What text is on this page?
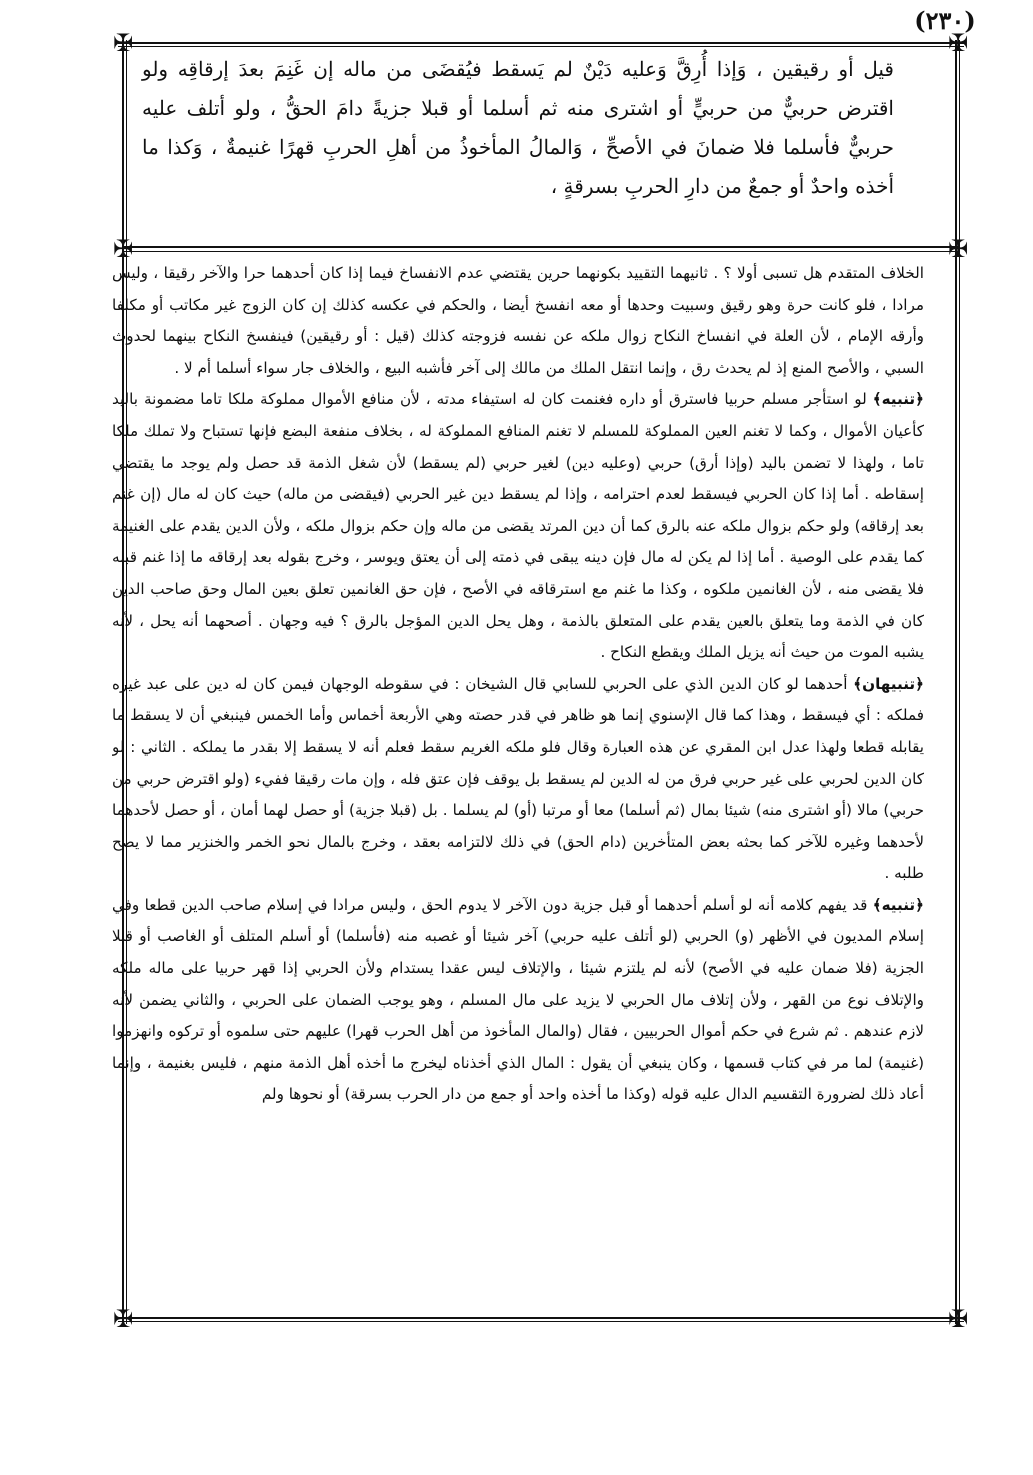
(٢٣٠)
✠	✠
✠	✠
✠	✠

قيل أو رقيقين ، وَإذا أُرِقَّ وَعليه دَيْنٌ لم يَسقط فيُقضَى من ماله إن غَنِمَ بعدَ إرقاقِه ولو اقترض حربيٌّ من حربيٍّ أو اشترى منه ثم أسلما أو قبلا جزيةً دامَ الحقُّ ، ولو أتلف عليه حربيٌّ فأسلما فلا ضمانَ في الأصحِّ ، وَالمالُ المأخوذُ من أهلِ الحربِ قهرًا غنيمةٌ ، وَكذا ما أخذه واحدٌ أو جمعٌ من دارِ الحربِ بسرقةٍ ،

الخلاف المتقدم هل تسبى أولا ؟ . ثانيهما التقييد بكونهما حرين يقتضي عدم الانفساخ فيما إذا كان أحدهما حرا والآخر رقيقا ، وليس مرادا ، فلو كانت حرة وهو رقيق وسبيت وحدها أو معه انفسخ أيضا ، والحكم في عكسه كذلك إن كان الزوج غير مكاتب أو مكلفا وأرقه الإمام ، لأن العلة في انفساخ النكاح زوال ملكه عن نفسه فزوجته كذلك (قيل : أو رقيقين) فينفسخ النكاح بينهما لحدوث السبي ، والأصح المنع إذ لم يحدث رق ، وإنما انتقل الملك من مالك إلى آخر فأشبه البيع ، والخلاف جار سواء أسلما أم لا .

﴿تنبيه﴾ لو استأجر مسلم حربيا فاسترق أو داره فغنمت كان له استيفاء مدته ، لأن منافع الأموال مملوكة ملكا تاما مضمونة باليد كأعيان الأموال ، وكما لا تغنم العين المملوكة للمسلم لا تغنم المنافع المملوكة له ، بخلاف منفعة البضع فإنها تستباح ولا تملك ملكا تاما ، ولهذا لا تضمن باليد (وإذا أرق) حربي (وعليه دين) لغير حربي (لم يسقط) لأن شغل الذمة قد حصل ولم يوجد ما يقتضي إسقاطه . أما إذا كان الحربي فيسقط لعدم احترامه ، وإذا لم يسقط دين غير الحربي (فيقضى من ماله) حيث كان له مال (إن غنم بعد إرقاقه) ولو حكم بزوال ملكه عنه بالرق كما أن دين المرتد يقضى من ماله وإن حكم بزوال ملكه ، ولأن الدين يقدم على الغنيمة كما يقدم على الوصية . أما إذا لم يكن له مال فإن دينه يبقى في ذمته إلى أن يعتق ويوسر ، وخرج بقوله بعد إرقاقه ما إذا غنم قبله فلا يقضى منه ، لأن الغانمين ملكوه ، وكذا ما غنم مع استرقاقه في الأصح ، فإن حق الغانمين تعلق بعين المال وحق صاحب الدين كان في الذمة وما يتعلق بالعين يقدم على المتعلق بالذمة ، وهل يحل الدين المؤجل بالرق ؟ فيه وجهان . أصحهما أنه يحل ، لأنه يشبه الموت من حيث أنه يزيل الملك ويقطع النكاح .

﴿تنبيهان﴾ أحدهما لو كان الدين الذي على الحربي للسابي قال الشيخان : في سقوطه الوجهان فيمن كان له دين على عبد غيره فملكه : أي فيسقط ، وهذا كما قال الإسنوي إنما هو ظاهر في قدر حصته وهي الأربعة أخماس وأما الخمس فينبغي أن لا يسقط ما يقابله قطعا ولهذا عدل ابن المقري عن هذه العبارة وقال فلو ملكه الغريم سقط فعلم أنه لا يسقط إلا بقدر ما يملكه . الثاني : لو كان الدين لحربي على غير حربي فرق من له الدين لم يسقط بل يوقف فإن عتق فله ، وإن مات رقيقا ففيء (ولو اقترض حربي من حربي) مالا (أو اشترى منه) شيئا بمال (ثم أسلما) معا أو مرتبا (أو) لم يسلما . بل (قبلا جزية) أو حصل لهما أمان ، أو حصل لأحدهما لأحدهما وغيره للآخر كما بحثه بعض المتأخرين (دام الحق) في ذلك لالتزامه بعقد ، وخرج بالمال نحو الخمر والخنزير مما لا يصح طلبه .

﴿تنبيه﴾ قد يفهم كلامه أنه لو أسلم أحدهما أو قبل جزية دون الآخر لا يدوم الحق ، وليس مرادا في إسلام صاحب الدين قطعا وفي إسلام المديون في الأظهر (و) الحربي (لو أتلف عليه حربي) آخر شيئا أو غصبه منه (فأسلما) أو أسلم المتلف أو الغاصب أو قبلا الجزية (فلا ضمان عليه في الأصح) لأنه لم يلتزم شيئا ، والإتلاف ليس عقدا يستدام ولأن الحربي إذا قهر حربيا على ماله ملكه والإتلاف نوع من القهر ، ولأن إتلاف مال الحربي لا يزيد على مال المسلم ، وهو يوجب الضمان على الحربي ، والثاني يضمن لأنه لازم عندهم . ثم شرع في حكم أموال الحربيين ، فقال (والمال المأخوذ من أهل الحرب قهرا) عليهم حتى سلموه أو تركوه وانهزموا (غنيمة) لما مر في كتاب قسمها ، وكان ينبغي أن يقول : المال الذي أخذناه ليخرج ما أخذه أهل الذمة منهم ، فليس بغنيمة ، وإنما أعاد ذلك لضرورة التقسيم الدال عليه قوله (وكذا ما أخذه واحد أو جمع من دار الحرب بسرقة) أو نحوها ولم
